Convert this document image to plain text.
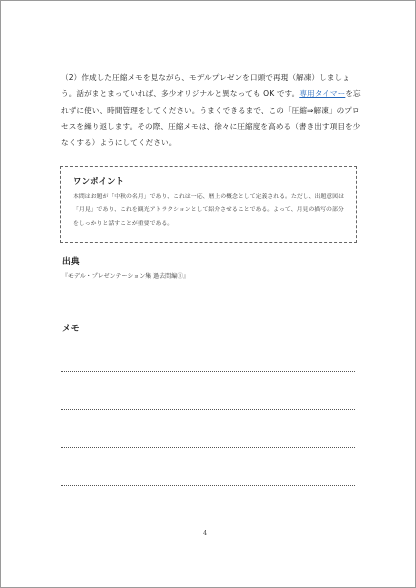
（2）作成した圧縮メモを見ながら、モデルプレゼンを口頭で再現（解凍）しましょう。話がまとまっていれば、多少オリジナルと異なっても OK です。専用タイマーを忘れずに使い、時間管理をしてください。うまくできるまで、この「圧縮⇒解凍」のプロセスを繰り返します。その際、圧縮メモは、徐々に圧縮度を高める（書き出す項目を少なくする）ようにしてください。
ワンポイント
本問はお題が「中秋の名月」であり、これは一応、暦上の概念として定義される。ただし、出題意図は「月見」であり、これを観光アトラクションとして紹介させることである。よって、月見の描写の部分をしっかりと話すことが重要である。
出典
『モデル・プレゼンテーション集 過去問編①』
メモ
4
